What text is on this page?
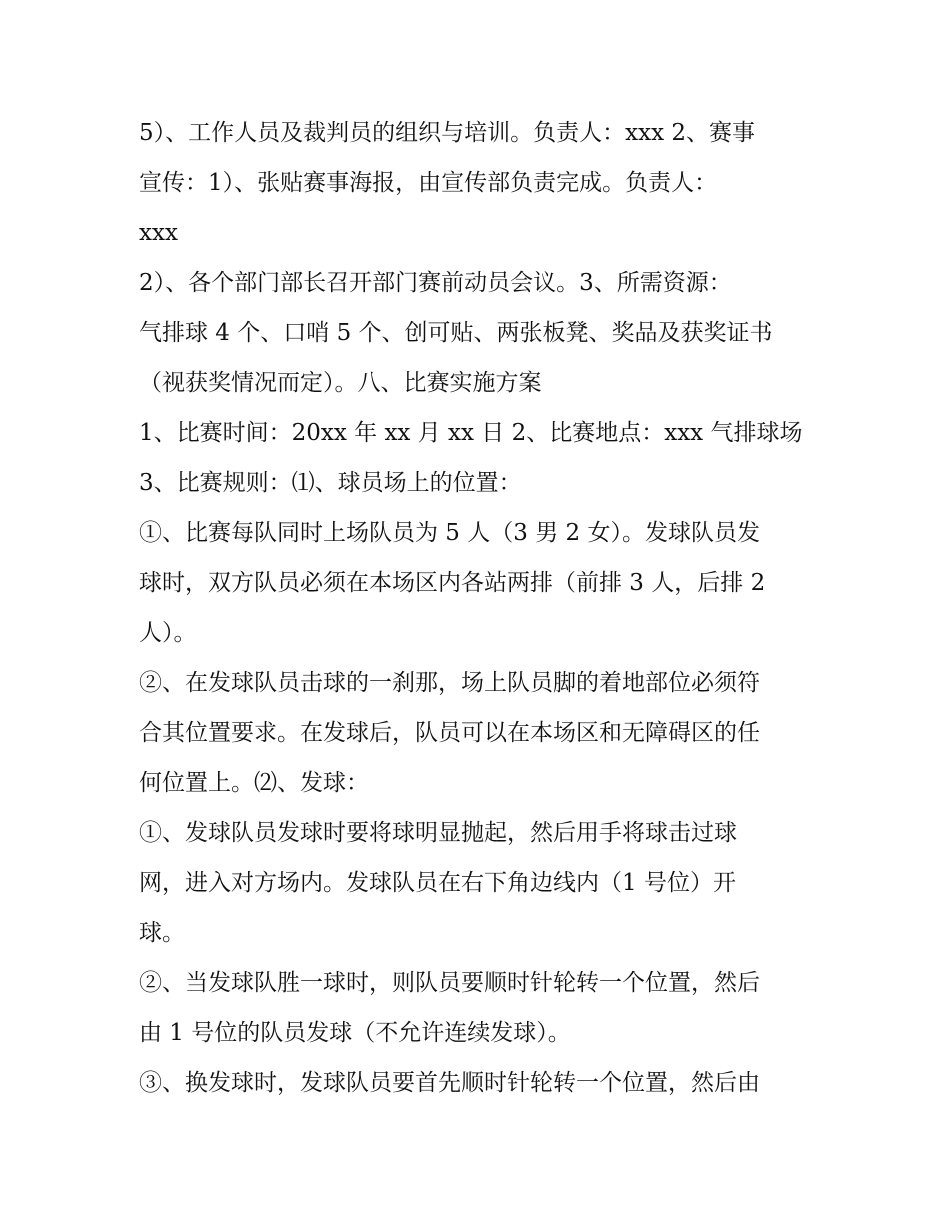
5）、工作人员及裁判员的组织与培训。负责人：xxx 2、赛事
宣传：1）、张贴赛事海报，由宣传部负责完成。负责人：
xxx
2）、各个部门部长召开部门赛前动员会议。3、所需资源：
气排球 4 个、口哨 5 个、创可贴、两张板凳、奖品及获奖证书
（视获奖情况而定）。八、比赛实施方案
1、比赛时间：20xx 年 xx 月 xx 日 2、比赛地点：xxx 气排球场
3、比赛规则：⑴、球员场上的位置：
①、比赛每队同时上场队员为 5 人（3 男 2 女）。发球队员发
球时，双方队员必须在本场区内各站两排（前排 3 人，后排 2
人）。
②、在发球队员击球的一刹那，场上队员脚的着地部位必须符
合其位置要求。在发球后，队员可以在本场区和无障碍区的任
何位置上。⑵、发球：
①、发球队员发球时要将球明显抛起，然后用手将球击过球
网，进入对方场内。发球队员在右下角边线内（1 号位）开
球。
②、当发球队胜一球时，则队员要顺时针轮转一个位置，然后
由 1 号位的队员发球（不允许连续发球）。
③、换发球时，发球队员要首先顺时针轮转一个位置，然后由
